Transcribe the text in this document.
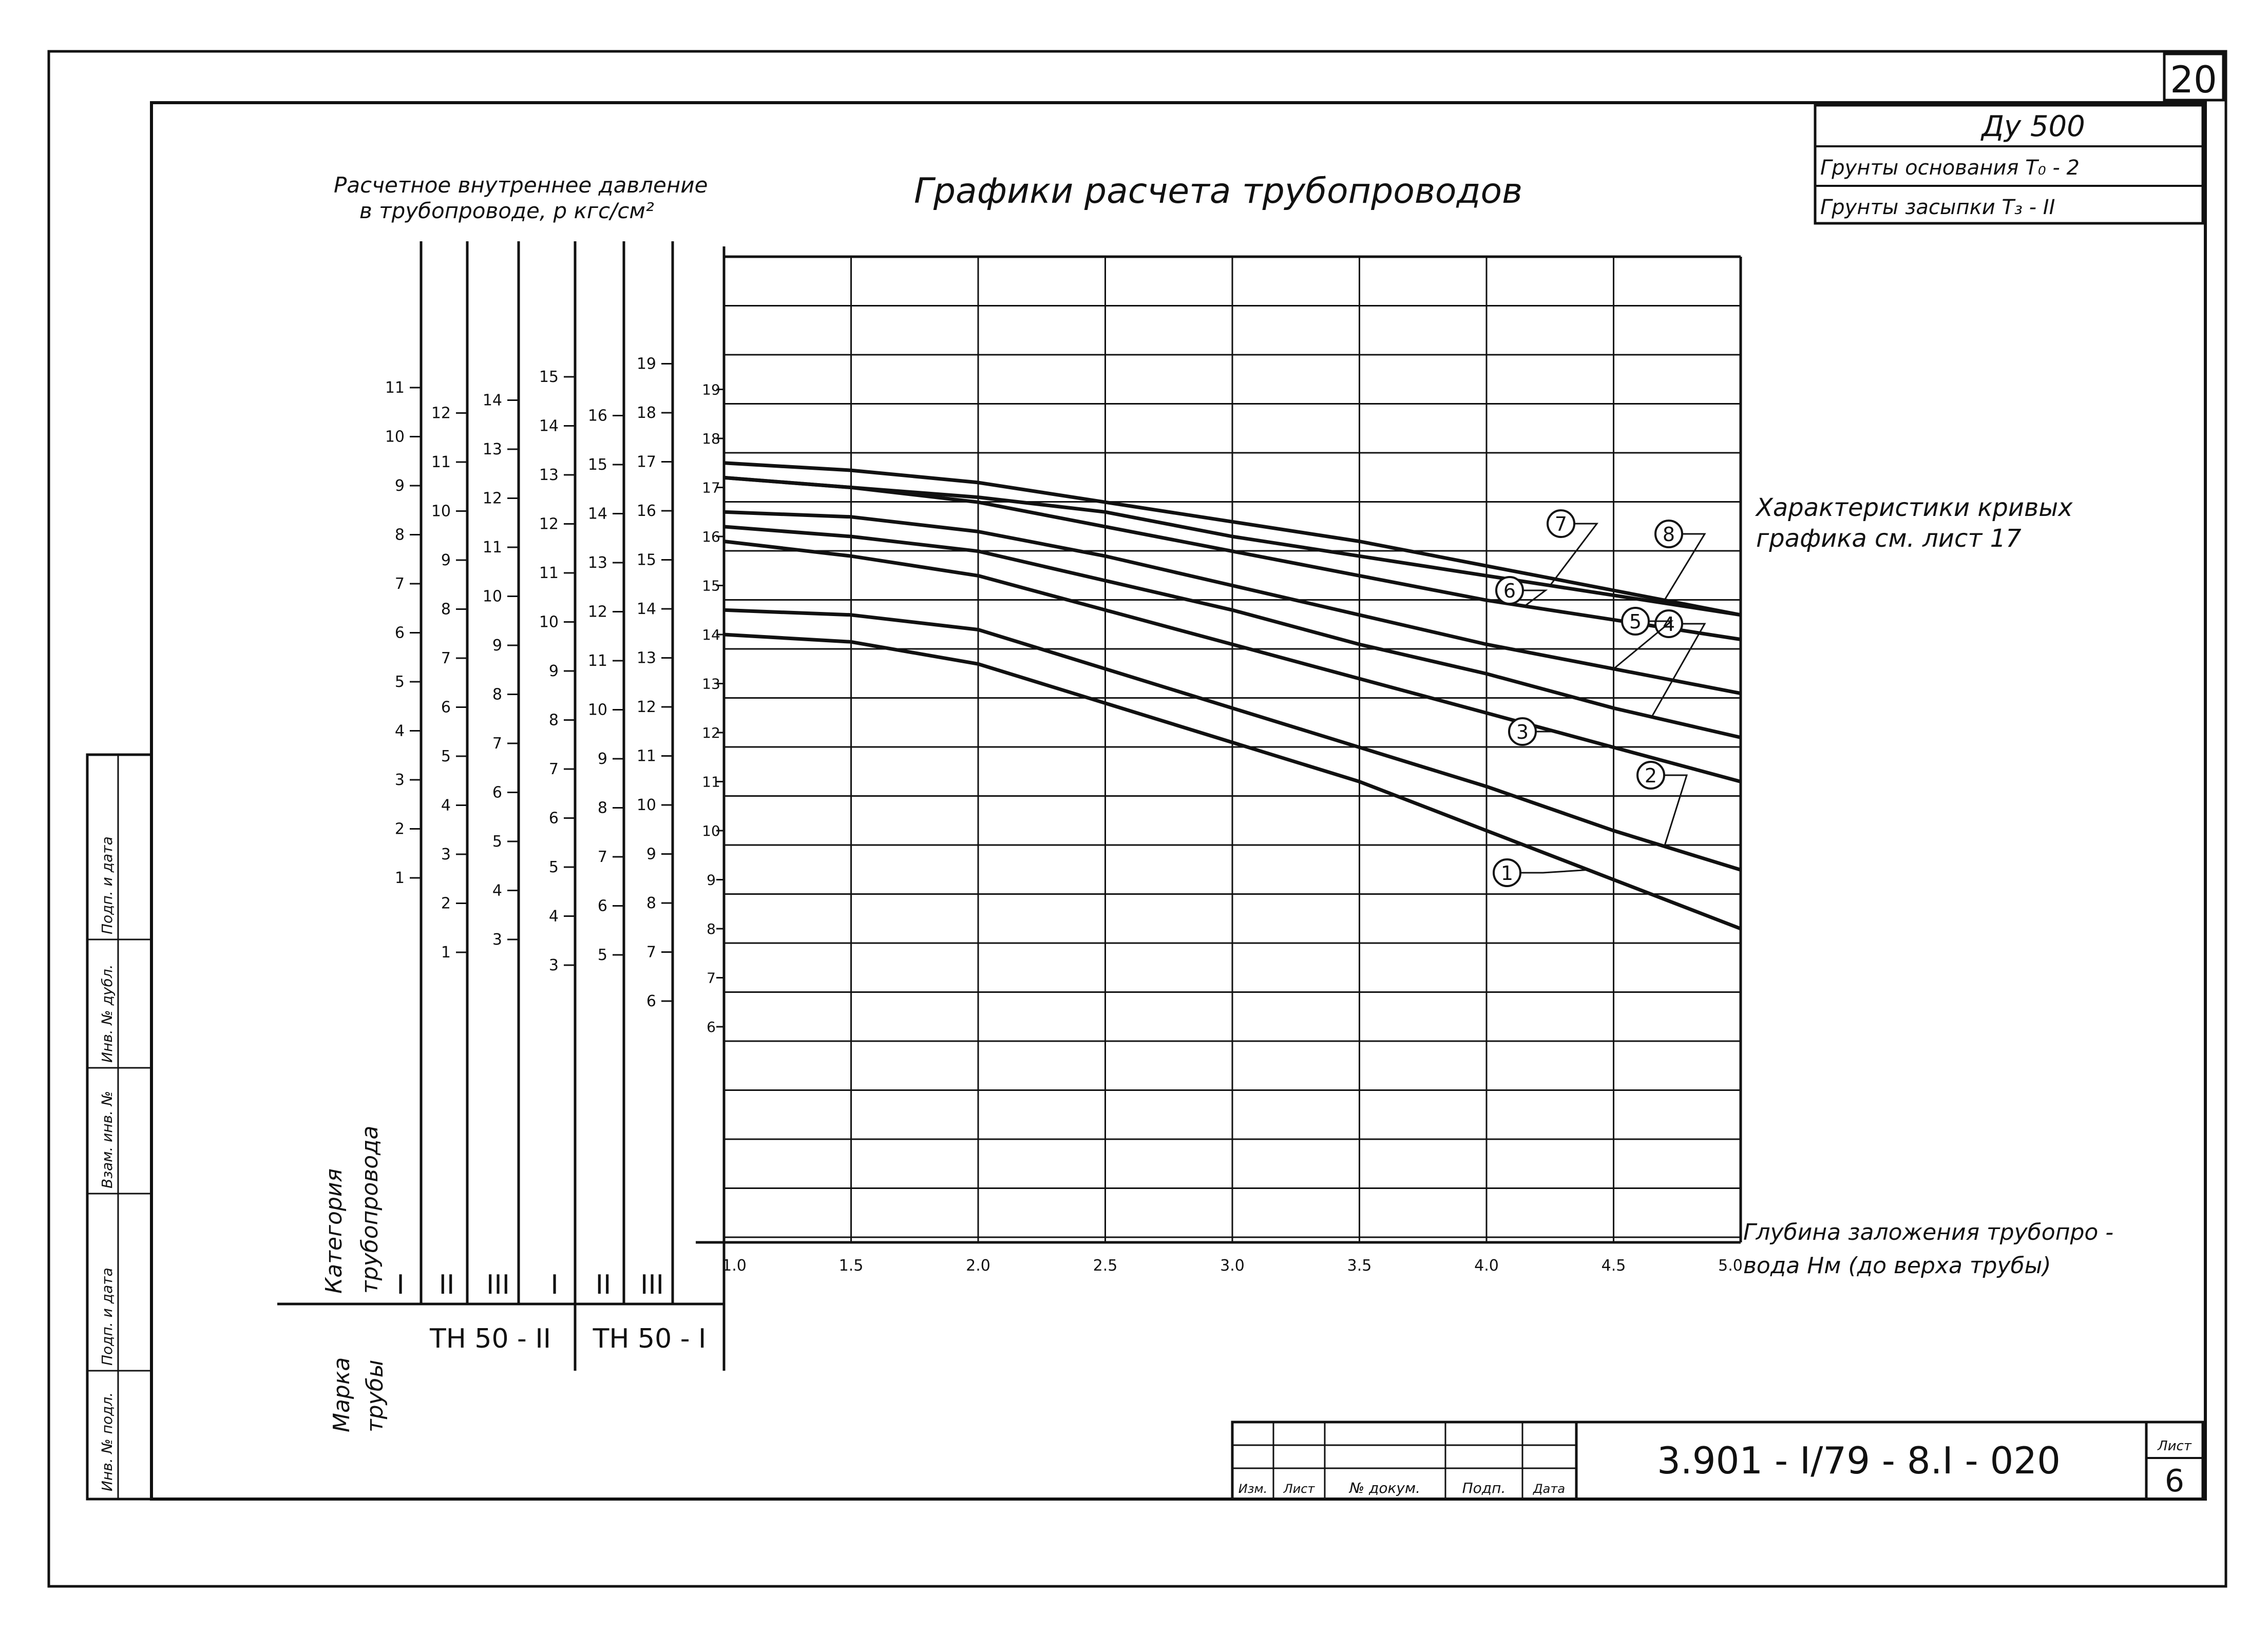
20
Ду 500
Грунты основания Т₀ - 2
Грунты засыпки Т₃ - II
Графики расчета трубопроводов
Расчетное внутреннее давление
в трубопроводе, p кгс/см²
Характеристики кривых
графика см. лист 17
Глубина заложения трубопро -
вода Нм (до верха трубы)
Категория трубопровода
Марка трубы
1
2
3
4
5
6
7
8
9
10
11
I
1
2
3
4
5
6
7
8
9
10
11
12
II
3
4
5
6
7
8
9
10
11
12
13
14
III
3
4
5
6
7
8
9
10
11
12
13
14
15
I
5
6
7
8
9
10
11
12
13
14
15
16
II
6
7
8
9
10
11
12
13
14
15
16
17
18
19
III
ТН 50 - II ТН 50 - I
1.0	1.5	2.0	2.5	3.0	3.5	4.0	4.5	5.0
6
7
8
9
10
11
12
13
14
15
16
17
18
19
1
2
3
4
5
6
7	8
Инв. № подл.
Подп. и дата
Взам. инв. №
Инв. № дубл.
Подп. и дата
Изм. Лист № докум.	Подп. Дата
3.901 - I/79 - 8.I - 020	Лист
6
